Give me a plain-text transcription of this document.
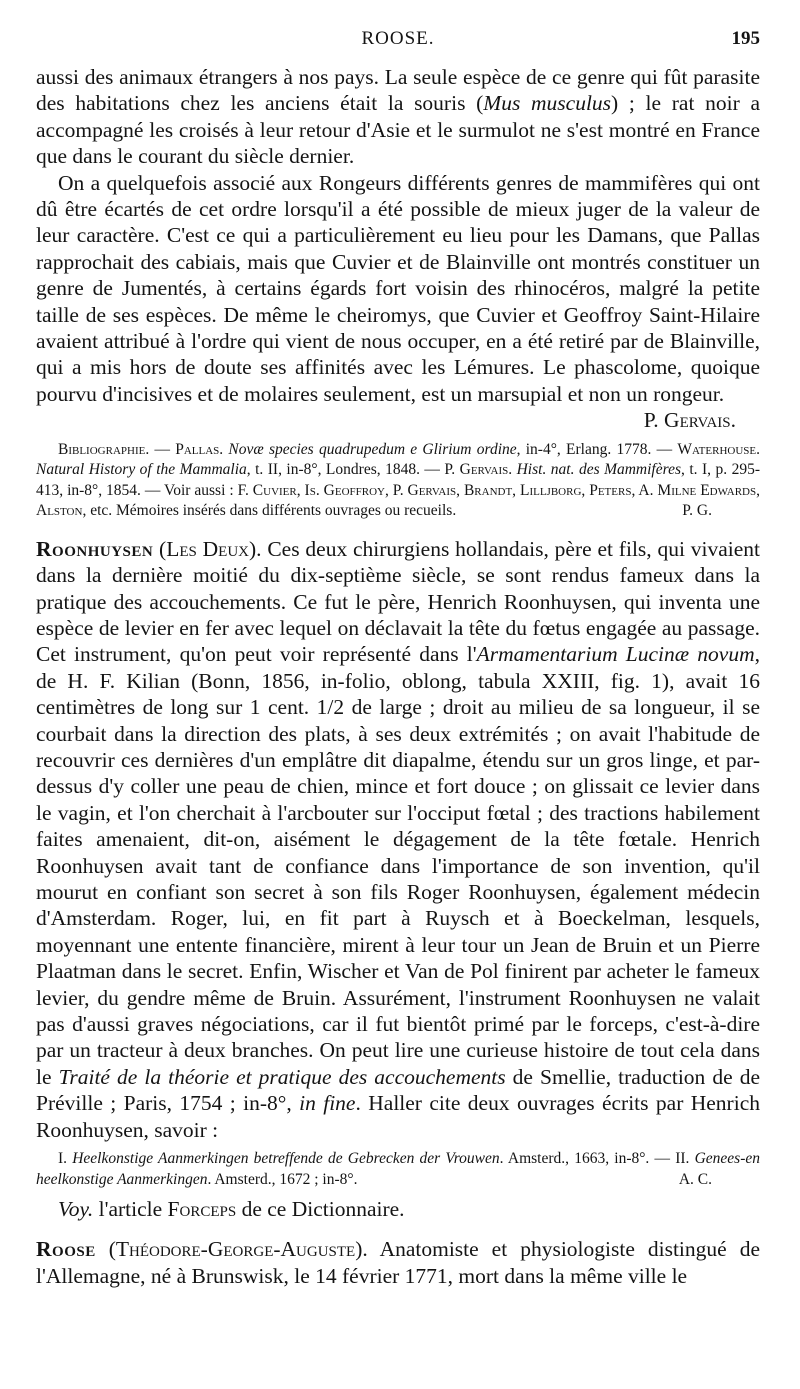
ROOSE.	195

aussi des animaux étrangers à nos pays. La seule espèce de ce genre qui fût parasite des habitations chez les anciens était la souris (Mus musculus) ; le rat noir a accompagné les croisés à leur retour d'Asie et le surmulot ne s'est montré en France que dans le courant du siècle dernier.

On a quelquefois associé aux Rongeurs différents genres de mammifères qui ont dû être écartés de cet ordre lorsqu'il a été possible de mieux juger de la valeur de leur caractère. C'est ce qui a particulièrement eu lieu pour les Damans, que Pallas rapprochait des cabiais, mais que Cuvier et de Blainville ont montrés constituer un genre de Jumentés, à certains égards fort voisin des rhinocéros, malgré la petite taille de ses espèces. De même le cheiromys, que Cuvier et Geoffroy Saint-Hilaire avaient attribué à l'ordre qui vient de nous occuper, en a été retiré par de Blainville, qui a mis hors de doute ses affinités avec les Lémures. Le phascolome, quoique pourvu d'incisives et de molaires seulement, est un marsupial et non un rongeur.
P. Gervais.

Bibliographie. — Pallas. Novæ species quadrupedum e Glirium ordine, in-4°, Erlang. 1778. — Waterhouse. Natural History of the Mammalia, t. II, in-8°, Londres, 1848. — P. Gervais. Hist. nat. des Mammifères, t. I, p. 295-413, in-8°, 1854. — Voir aussi : F. Cuvier, Is. Geoffroy, P. Gervais, Brandt, Lilljborg, Peters, A. Milne Edwards, Alston, etc. Mémoires insérés dans différents ouvrages ou recueils.	P. G.

Roonhuysen (Les Deux). Ces deux chirurgiens hollandais, père et fils, qui vivaient dans la dernière moitié du dix-septième siècle, se sont rendus fameux dans la pratique des accouchements. Ce fut le père, Henrich Roonhuysen, qui inventa une espèce de levier en fer avec lequel on déclavait la tête du fœtus engagée au passage. Cet instrument, qu'on peut voir représenté dans l'Armamentarium Lucinæ novum, de H. F. Kilian (Bonn, 1856, in-folio, oblong, tabula XXIII, fig. 1), avait 16 centimètres de long sur 1 cent. 1/2 de large ; droit au milieu de sa longueur, il se courbait dans la direction des plats, à ses deux extrémités ; on avait l'habitude de recouvrir ces dernières d'un emplâtre dit diapalme, étendu sur un gros linge, et par-dessus d'y coller une peau de chien, mince et fort douce ; on glissait ce levier dans le vagin, et l'on cherchait à l'arcbouter sur l'occiput fœtal ; des tractions habilement faites amenaient, dit-on, aisément le dégagement de la tête fœtale. Henrich Roonhuysen avait tant de confiance dans l'importance de son invention, qu'il mourut en confiant son secret à son fils Roger Roonhuysen, également médecin d'Amsterdam. Roger, lui, en fit part à Ruysch et à Boeckelman, lesquels, moyennant une entente financière, mirent à leur tour un Jean de Bruin et un Pierre Plaatman dans le secret. Enfin, Wischer et Van de Pol finirent par acheter le fameux levier, du gendre même de Bruin. Assurément, l'instrument Roonhuysen ne valait pas d'aussi graves négociations, car il fut bientôt primé par le forceps, c'est-à-dire par un tracteur à deux branches. On peut lire une curieuse histoire de tout cela dans le Traité de la théorie et pratique des accouchements de Smellie, traduction de de Préville ; Paris, 1754 ; in-8°, in fine. Haller cite deux ouvrages écrits par Henrich Roonhuysen, savoir :

I. Heelkonstige Aanmerkingen betreffende de Gebrecken der Vrouwen. Amsterd., 1663, in-8°. — II. Genees-en heelkonstige Aanmerkingen. Amsterd., 1672 ; in-8°.	A. C.

Voy. l'article Forceps de ce Dictionnaire.

Roose (Théodore-George-Auguste). Anatomiste et physiologiste distingué de l'Allemagne, né à Brunswisk, le 14 février 1771, mort dans la même ville le
